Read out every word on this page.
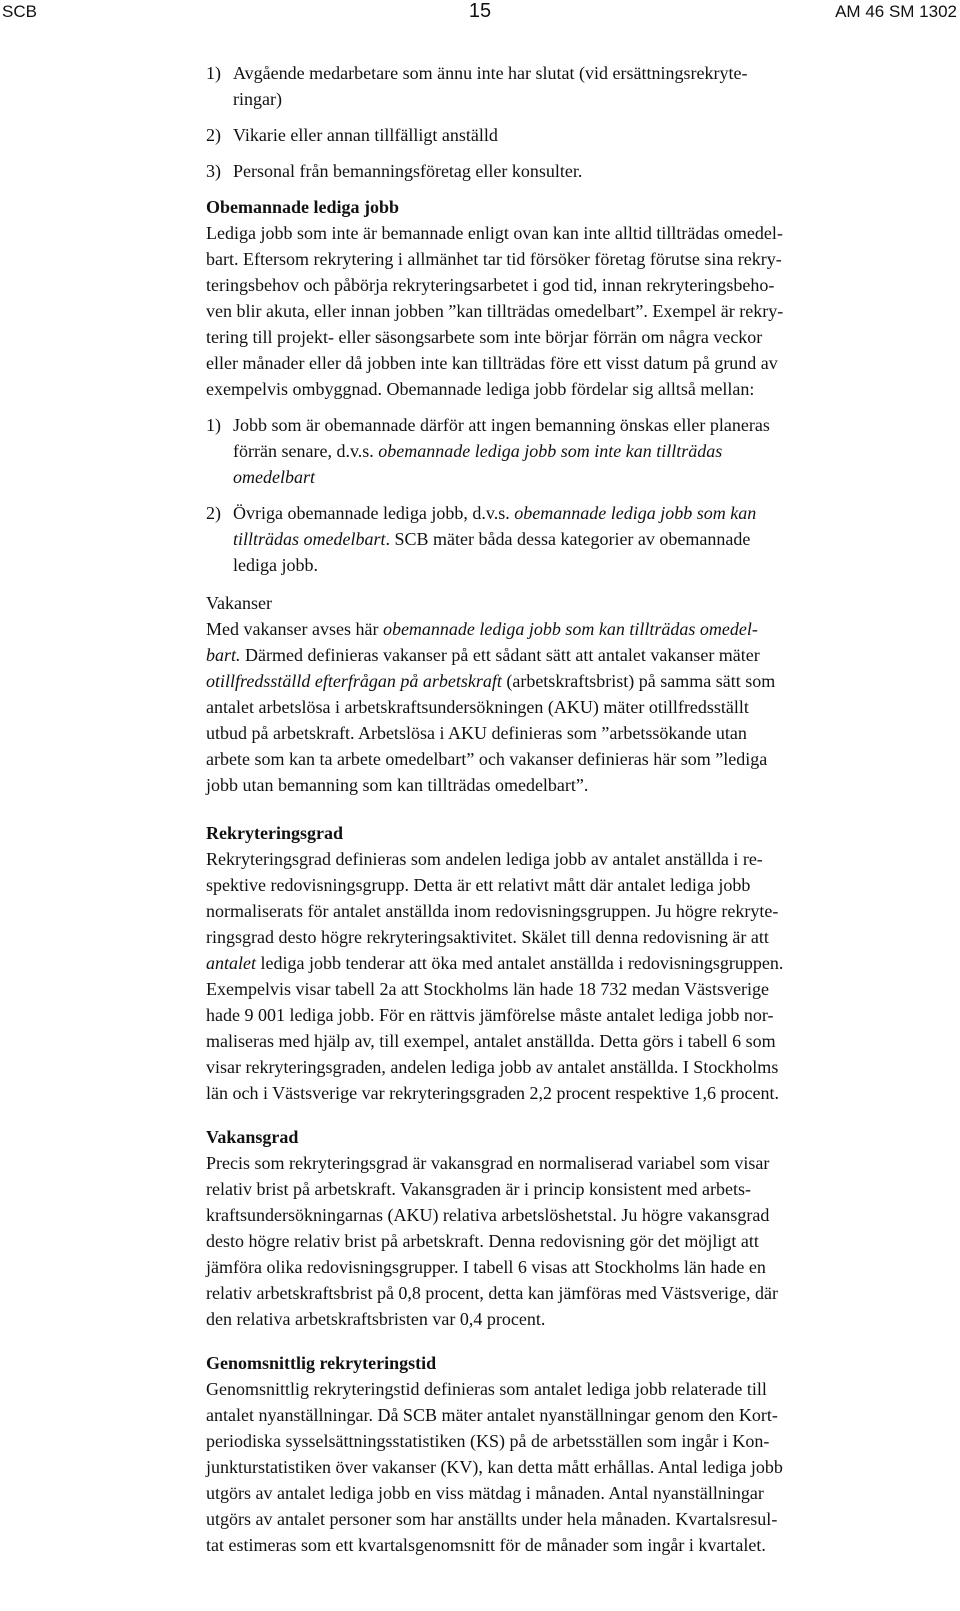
SCB	15	AM 46 SM 1302
1) Avgående medarbetare som ännu inte har slutat (vid ersättningsrekryte-
ringar)
2) Vikarie eller annan tillfälligt anställd
3) Personal från bemanningsföretag eller konsulter.
Obemannade lediga jobb
Lediga jobb som inte är bemannade enligt ovan kan inte alltid tillträdas omedel-
bart. Eftersom rekrytering i allmänhet tar tid försöker företag förutse sina rekry-
teringsbehov och påbörja rekryteringsarbetet i god tid, innan rekryteringsbeho-
ven blir akuta, eller innan jobben ”kan tillträdas omedelbart”. Exempel är rekry-
tering till projekt- eller säsongsarbete som inte börjar förrän om några veckor
eller månader eller då jobben inte kan tillträdas före ett visst datum på grund av
exempelvis ombyggnad. Obemannade lediga jobb fördelar sig alltså mellan:
1) Jobb som är obemannade därför att ingen bemanning önskas eller planeras
förrän senare, d.v.s. obemannade lediga jobb som inte kan tillträdas
omedelbart
2) Övriga obemannade lediga jobb, d.v.s. obemannade lediga jobb som kan
tillträdas omedelbart. SCB mäter båda dessa kategorier av obemannade
lediga jobb.
Vakanser
Med vakanser avses här obemannade lediga jobb som kan tillträdas omedel-
bart. Därmed definieras vakanser på ett sådant sätt att antalet vakanser mäter
otillfredsställd efterfrågan på arbetskraft (arbetskraftsbrist) på samma sätt som
antalet arbetslösa i arbetskraftsundersökningen (AKU) mäter otillfredsställt
utbud på arbetskraft. Arbetslösa i AKU definieras som ”arbetssökande utan
arbete som kan ta arbete omedelbart” och vakanser definieras här som ”lediga
jobb utan bemanning som kan tillträdas omedelbart”.
Rekryteringsgrad
Rekryteringsgrad definieras som andelen lediga jobb av antalet anställda i re-
spektive redovisningsgrupp. Detta är ett relativt mått där antalet lediga jobb
normaliserats för antalet anställda inom redovisningsgruppen. Ju högre rekryte-
ringsgrad desto högre rekryteringsaktivitet. Skälet till denna redovisning är att
antalet lediga jobb tenderar att öka med antalet anställda i redovisningsgruppen.
Exempelvis visar tabell 2a att Stockholms län hade 18 732 medan Västsverige
hade 9 001 lediga jobb. För en rättvis jämförelse måste antalet lediga jobb nor-
maliseras med hjälp av, till exempel, antalet anställda. Detta görs i tabell 6 som
visar rekryteringsgraden, andelen lediga jobb av antalet anställda. I Stockholms
län och i Västsverige var rekryteringsgraden 2,2 procent respektive 1,6 procent.
Vakansgrad
Precis som rekryteringsgrad är vakansgrad en normaliserad variabel som visar
relativ brist på arbetskraft. Vakansgraden är i princip konsistent med arbets-
kraftsundersökningarnas (AKU) relativa arbetslöshetstal. Ju högre vakansgrad
desto högre relativ brist på arbetskraft. Denna redovisning gör det möjligt att
jämföra olika redovisningsgrupper. I tabell 6 visas att Stockholms län hade en
relativ arbetskraftsbrist på 0,8 procent, detta kan jämföras med Västsverige, där
den relativa arbetskraftsbristen var 0,4 procent.
Genomsnittlig rekryteringstid
Genomsnittlig rekryteringstid definieras som antalet lediga jobb relaterade till
antalet nyanställningar. Då SCB mäter antalet nyanställningar genom den Kort-
periodiska sysselsättningsstatistiken (KS) på de arbetsställen som ingår i Kon-
junkturstatistiken över vakanser (KV), kan detta mått erhållas. Antal lediga jobb
utgörs av antalet lediga jobb en viss mätdag i månaden. Antal nyanställningar
utgörs av antalet personer som har anställts under hela månaden. Kvartalsresul-
tat estimeras som ett kvartalsgenomsnitt för de månader som ingår i kvartalet.
